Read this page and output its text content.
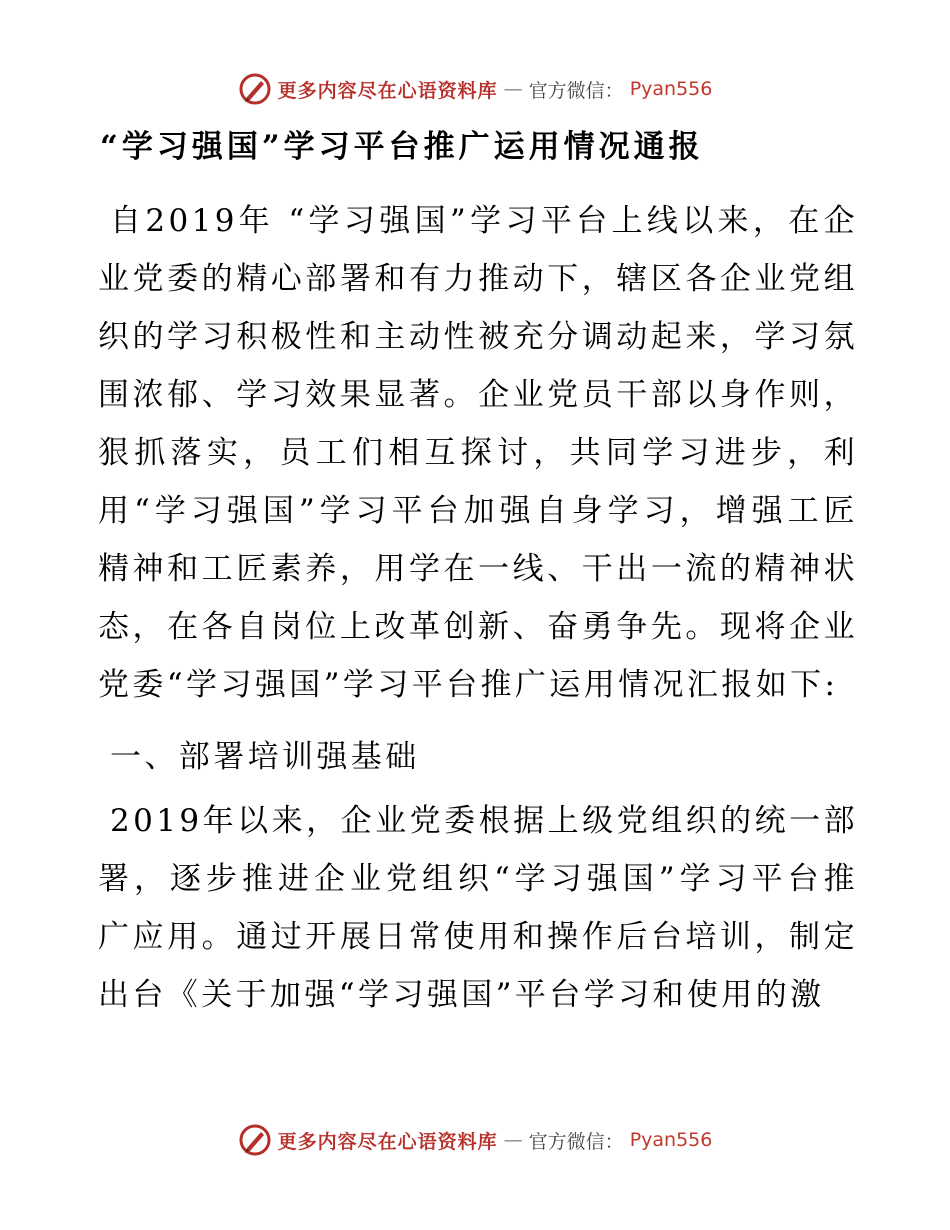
更多内容尽在心语资料库 — 官方微信： Pyan556
“学习强国”学习平台推广运用情况通报

自2019年 “学习强国”学习平台上线以来，在企业党委的精心部署和有力推动下，辖区各企业党组织的学习积极性和主动性被充分调动起来，学习氛围浓郁、学习效果显著。企业党员干部以身作则，狠抓落实，员工们相互探讨，共同学习进步，利用“学习强国”学习平台加强自身学习，增强工匠精神和工匠素养，用学在一线、干出一流的精神状态，在各自岗位上改革创新、奋勇争先。现将企业党委“学习强国”学习平台推广运用情况汇报如下:

一、部署培训强基础

2019年以来，企业党委根据上级党组织的统一部署，逐步推进企业党组织“学习强国”学习平台推广应用。通过开展日常使用和操作后台培训，制定出台《关于加强“学习强国”平台学习和使用的激

更多内容尽在心语资料库 — 官方微信： Pyan556
